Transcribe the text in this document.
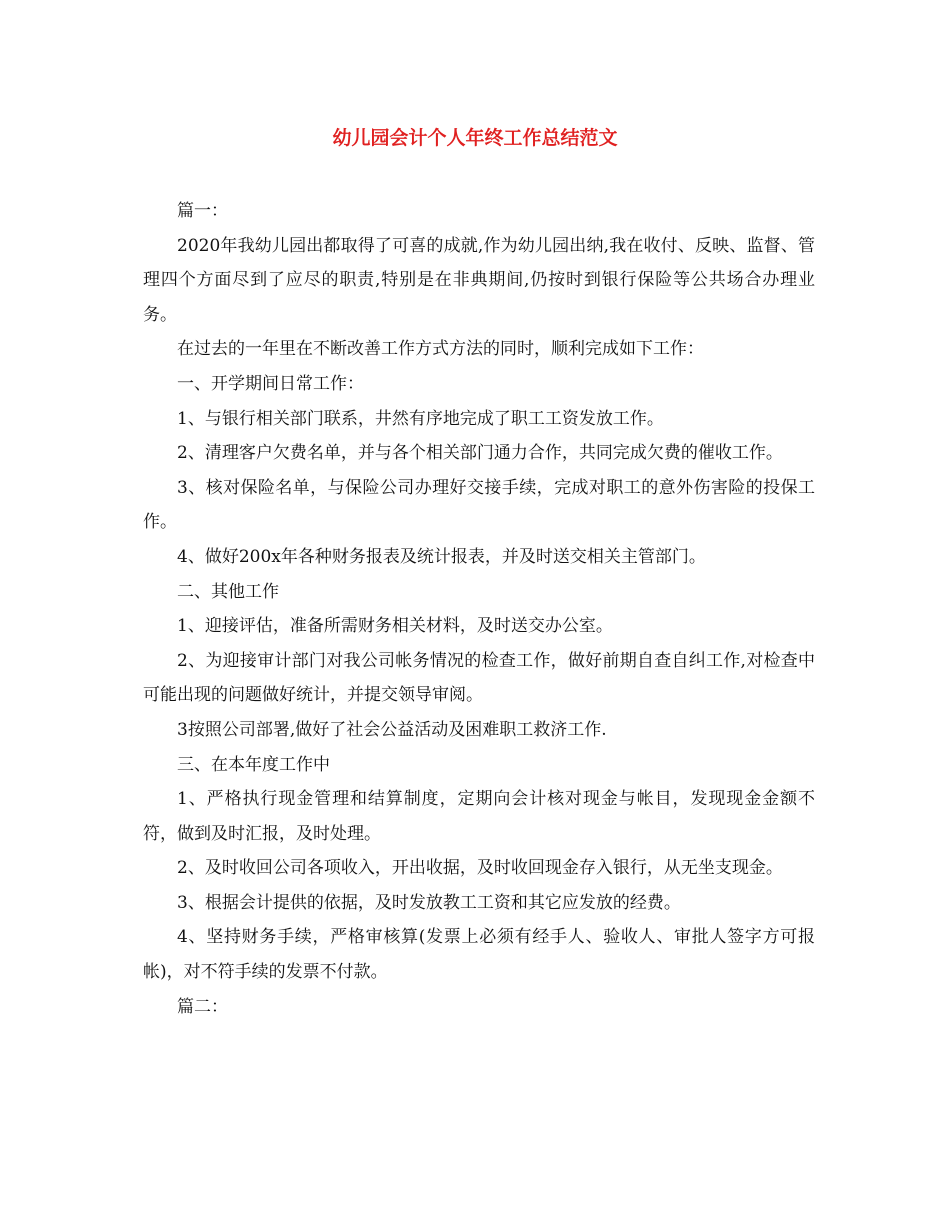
幼儿园会计个人年终工作总结范文

篇一：

2020年我幼儿园出都取得了可喜的成就,作为幼儿园出纳,我在收付、反映、监督、管理四个方面尽到了应尽的职责,特别是在非典期间,仍按时到银行保险等公共场合办理业务。

在过去的一年里在不断改善工作方式方法的同时，顺利完成如下工作：

一、开学期间日常工作：

1、与银行相关部门联系，井然有序地完成了职工工资发放工作。

2、清理客户欠费名单，并与各个相关部门通力合作，共同完成欠费的催收工作。

3、核对保险名单，与保险公司办理好交接手续，完成对职工的意外伤害险的投保工作。

4、做好200x年各种财务报表及统计报表，并及时送交相关主管部门。

二、其他工作

1、迎接评估，准备所需财务相关材料，及时送交办公室。

2、为迎接审计部门对我公司帐务情况的检查工作，做好前期自查自纠工作,对检查中可能出现的问题做好统计，并提交领导审阅。

3按照公司部署,做好了社会公益活动及困难职工救济工作.

三、在本年度工作中

1、严格执行现金管理和结算制度，定期向会计核对现金与帐目，发现现金金额不符，做到及时汇报，及时处理。

2、及时收回公司各项收入，开出收据，及时收回现金存入银行，从无坐支现金。

3、根据会计提供的依据，及时发放教工工资和其它应发放的经费。

4、坚持财务手续，严格审核算(发票上必须有经手人、验收人、审批人签字方可报帐)，对不符手续的发票不付款。

篇二：
